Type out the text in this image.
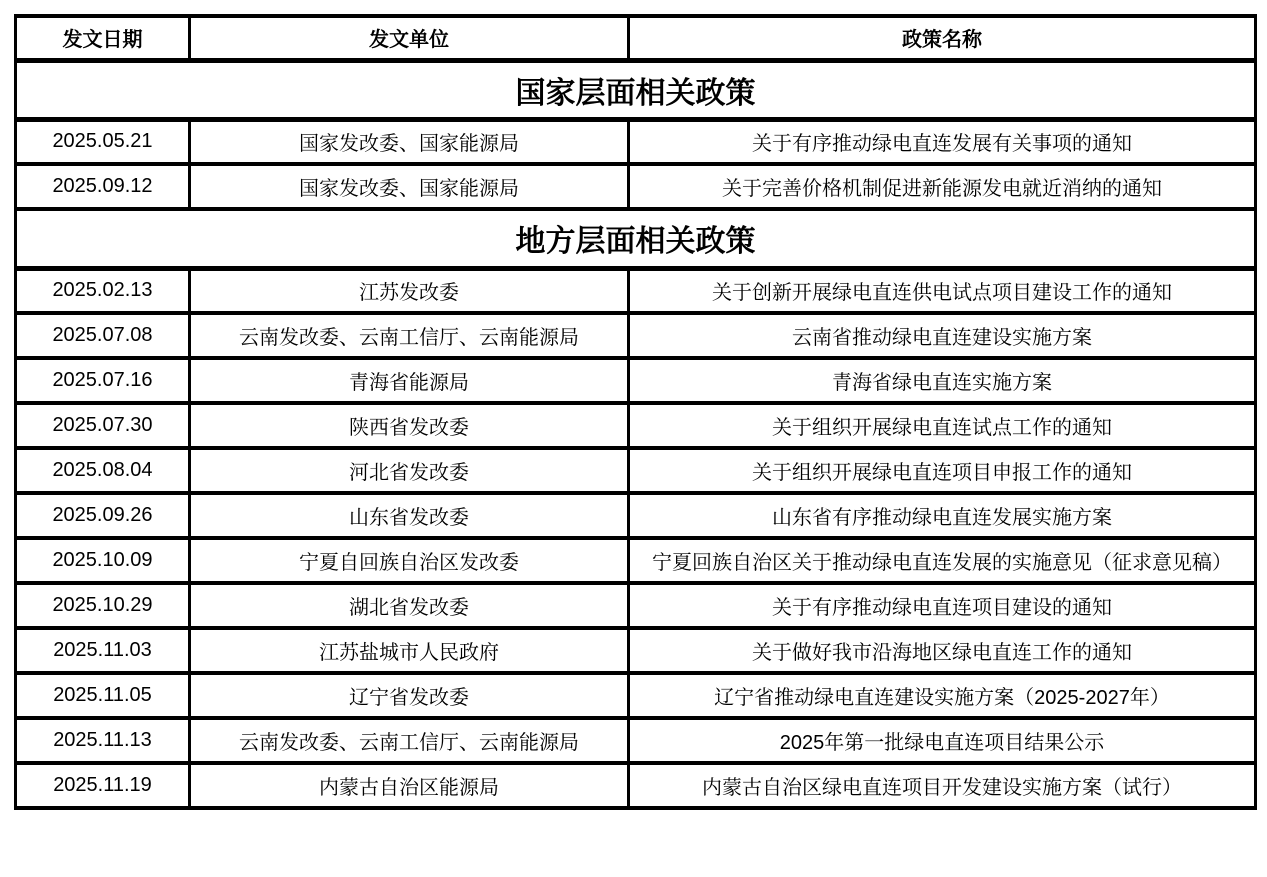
发文日期	发文单位	政策名称
国家层面相关政策		
2025.05.21	国家发改委、国家能源局	关于有序推动绿电直连发展有关事项的通知
2025.09.12	国家发改委、国家能源局	关于完善价格机制促进新能源发电就近消纳的通知
地方层面相关政策		
2025.02.13	江苏发改委	关于创新开展绿电直连供电试点项目建设工作的通知
2025.07.08	云南发改委、云南工信厅、云南能源局	云南省推动绿电直连建设实施方案
2025.07.16	青海省能源局	青海省绿电直连实施方案
2025.07.30	陕西省发改委	关于组织开展绿电直连试点工作的通知
2025.08.04	河北省发改委	关于组织开展绿电直连项目申报工作的通知
2025.09.26	山东省发改委	山东省有序推动绿电直连发展实施方案
2025.10.09	宁夏自回族自治区发改委	宁夏回族自治区关于推动绿电直连发展的实施意见（征求意见稿）
2025.10.29	湖北省发改委	关于有序推动绿电直连项目建设的通知
2025.11.03	江苏盐城市人民政府	关于做好我市沿海地区绿电直连工作的通知
2025.11.05	辽宁省发改委	辽宁省推动绿电直连建设实施方案（2025-2027年）
2025.11.13	云南发改委、云南工信厅、云南能源局	2025年第一批绿电直连项目结果公示
2025.11.19	内蒙古自治区能源局	内蒙古自治区绿电直连项目开发建设实施方案（试行）
